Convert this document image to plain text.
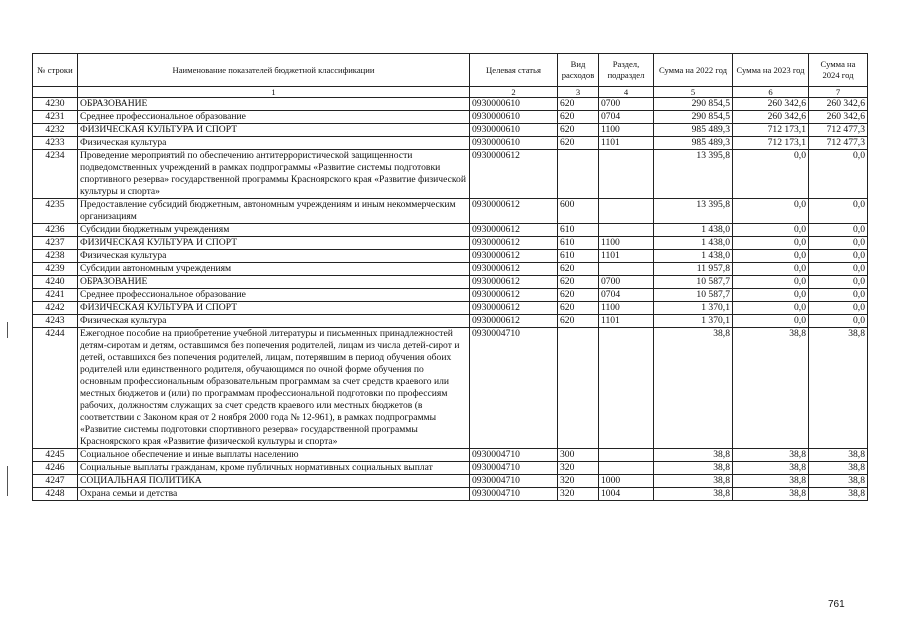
№ строки	Наименование показателей бюджетной классификации	Целевая статья	Вид расходов	Раздел, подраздел	Сумма на 2022 год	Сумма на 2023 год	Сумма на 2024 год
	1	2	3	4	5	6	7
4230	ОБРАЗОВАНИЕ	0930000610	620	0700	290 854,5	260 342,6	260 342,6
4231	Среднее профессиональное образование	0930000610	620	0704	290 854,5	260 342,6	260 342,6
4232	ФИЗИЧЕСКАЯ КУЛЬТУРА И СПОРТ	0930000610	620	1100	985 489,3	712 173,1	712 477,3
4233	Физическая культура	0930000610	620	1101	985 489,3	712 173,1	712 477,3
4234	Проведение мероприятий по обеспечению антитеррористической защищенности подведомственных учреждений в рамках подпрограммы «Развитие системы подготовки спортивного резерва» государственной программы Красноярского края «Развитие физической культуры и спорта»	0930000612			13 395,8	0,0	0,0
4235	Предоставление субсидий бюджетным, автономным учреждениям и иным некоммерческим организациям	0930000612	600		13 395,8	0,0	0,0
4236	Субсидии бюджетным учреждениям	0930000612	610		1 438,0	0,0	0,0
4237	ФИЗИЧЕСКАЯ КУЛЬТУРА И СПОРТ	0930000612	610	1100	1 438,0	0,0	0,0
4238	Физическая культура	0930000612	610	1101	1 438,0	0,0	0,0
4239	Субсидии автономным учреждениям	0930000612	620		11 957,8	0,0	0,0
4240	ОБРАЗОВАНИЕ	0930000612	620	0700	10 587,7	0,0	0,0
4241	Среднее профессиональное образование	0930000612	620	0704	10 587,7	0,0	0,0
4242	ФИЗИЧЕСКАЯ КУЛЬТУРА И СПОРТ	0930000612	620	1100	1 370,1	0,0	0,0
4243	Физическая культура	0930000612	620	1101	1 370,1	0,0	0,0
4244	Ежегодное пособие на приобретение учебной литературы и письменных принадлежностей детям-сиротам и детям, оставшимся без попечения родителей, лицам из числа детей-сирот и детей, оставшихся без попечения родителей, лицам, потерявшим в период обучения обоих родителей или единственного родителя, обучающимся по очной форме обучения по основным профессиональным образовательным программам за счет средств краевого или местных бюджетов и (или) по программам профессиональной подготовки по профессиям рабочих, должностям служащих за счет средств краевого или местных бюджетов (в соответствии с Законом края от 2 ноября 2000 года № 12-961), в рамках подпрограммы «Развитие системы подготовки спортивного резерва» государственной программы Красноярского края «Развитие физической культуры и спорта»	0930004710			38,8	38,8	38,8
4245	Социальное обеспечение и иные выплаты населению	0930004710	300		38,8	38,8	38,8
4246	Социальные выплаты гражданам, кроме публичных нормативных социальных выплат	0930004710	320		38,8	38,8	38,8
4247	СОЦИАЛЬНАЯ ПОЛИТИКА	0930004710	320	1000	38,8	38,8	38,8
4248	Охрана семьи и детства	0930004710	320	1004	38,8	38,8	38,8
761
